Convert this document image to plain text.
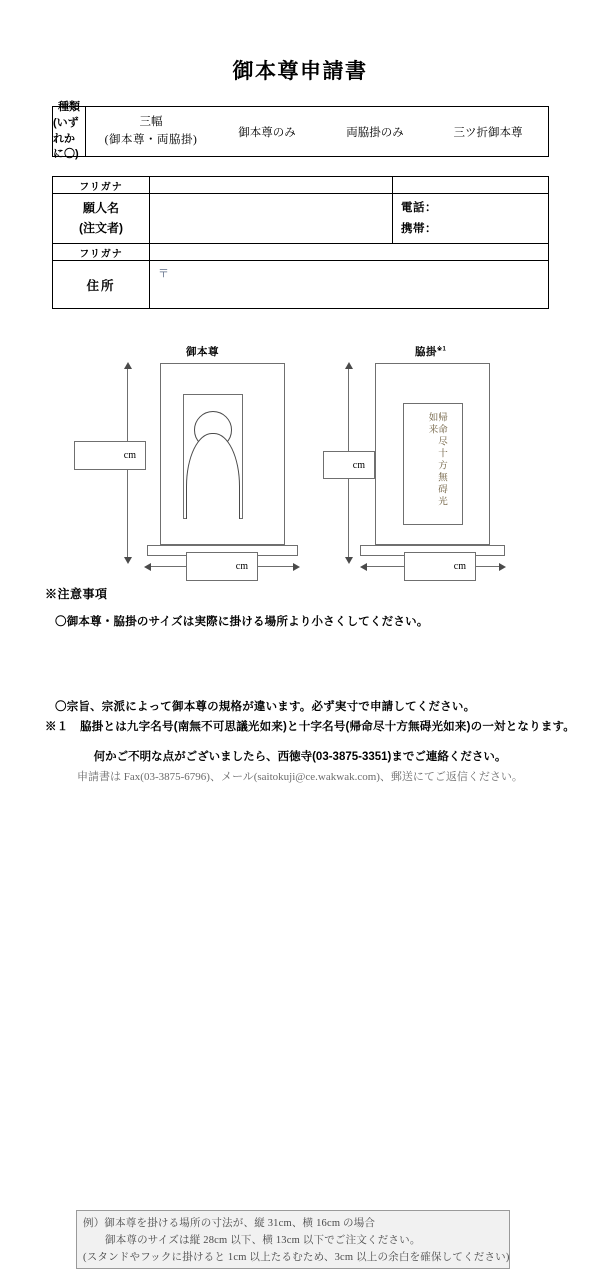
御本尊申請書
種類
(いずれかに〇)
三幅
(御本尊・両脇掛)
御本尊のみ	両脇掛のみ	三ツ折御本尊
フリガナ
願人名
(注文者)
電話：
携帯：
フリガナ
住所
〒
御本尊
cm
cm
脇掛$^{※1}$
帰命尽十方無碍光如来
cm
cm
※注意事項
〇御本尊・脇掛のサイズは実際に掛ける場所より小さくしてください。
例）御本尊を掛ける場所の寸法が、縦 31cm、横 16cm の場合
御本尊のサイズは縦 28cm 以下、横 13cm 以下でご注文ください。
(スタンドやフックに掛けると 1cm 以上たるむため、3cm 以上の余白を確保してください)
〇宗旨、宗派によって御本尊の規格が違います。必ず実寸で申請してください。
※１　脇掛とは九字名号(南無不可思議光如来)と十字名号(帰命尽十方無碍光如来)の一対となります。
何かご不明な点がございましたら、西徳寺(03-3875-3351)までご連絡ください。
申請書は Fax(03-3875-6796)、メール(saitokuji@ce.wakwak.com)、郵送にてご返信ください。
